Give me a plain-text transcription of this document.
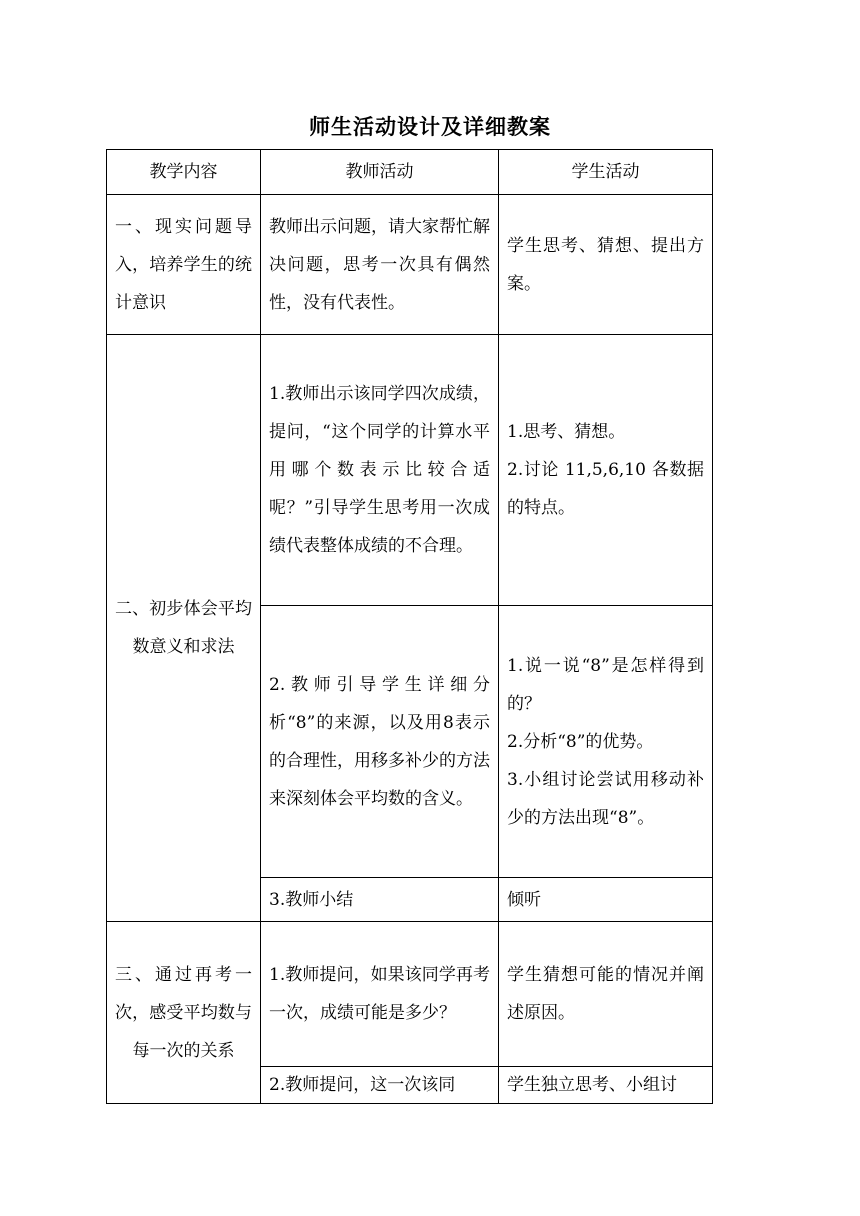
师生活动设计及详细教案
教学内容	教师活动	学生活动
一、现实问题导入，培养学生的统计意识	教师出示问题，请大家帮忙解决问题，思考一次具有偶然性，没有代表性。	学生思考、猜想、提出方案。
二、初步体会平均数意义和求法	1.教师出示该同学四次成绩，提问，“这个同学的计算水平用哪个数表示比较合适呢？”引导学生思考用一次成绩代表整体成绩的不合理。	1.思考、猜想。
2.讨论 11,5,6,10 各数据的特点。

	2.教师引导学生详细分析“8”的来源，以及用8表示的合理性，用移多补少的方法来深刻体会平均数的含义。	1.说一说“8”是怎样得到的？
2.分析“8”的优势。
3.小组讨论尝试用移动补少的方法出现“8”。

	3.教师小结	倾听
三、通过再考一次，感受平均数与每一次的关系	1.教师提问，如果该同学再考一次，成绩可能是多少？	学生猜想可能的情况并阐述原因。
	2.教师提问，这一次该同	学生独立思考、小组讨
